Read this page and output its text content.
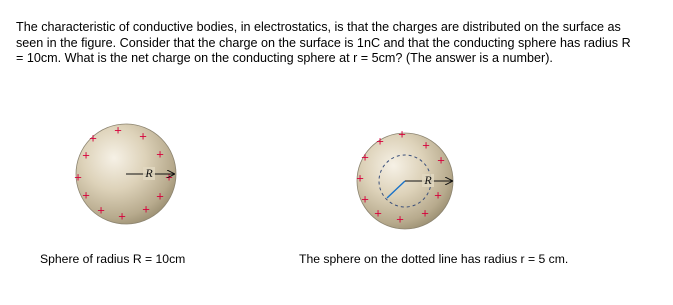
The characteristic of conductive bodies, in electrostatics, is that the charges are distributed on the surface as seen in the figure. Consider that the charge on the surface is 1nC and that the conducting sphere has radius R = 10cm. What is the net charge on the conducting sphere at r = 5cm? (The answer is a number).
+
+ +
+	+
+	+
+	+
+ + +
R
+ +
+
+	+
+
+	+
+ + +
R
Sphere of radius R = 10cm	The sphere on the dotted line has radius r = 5 cm.
